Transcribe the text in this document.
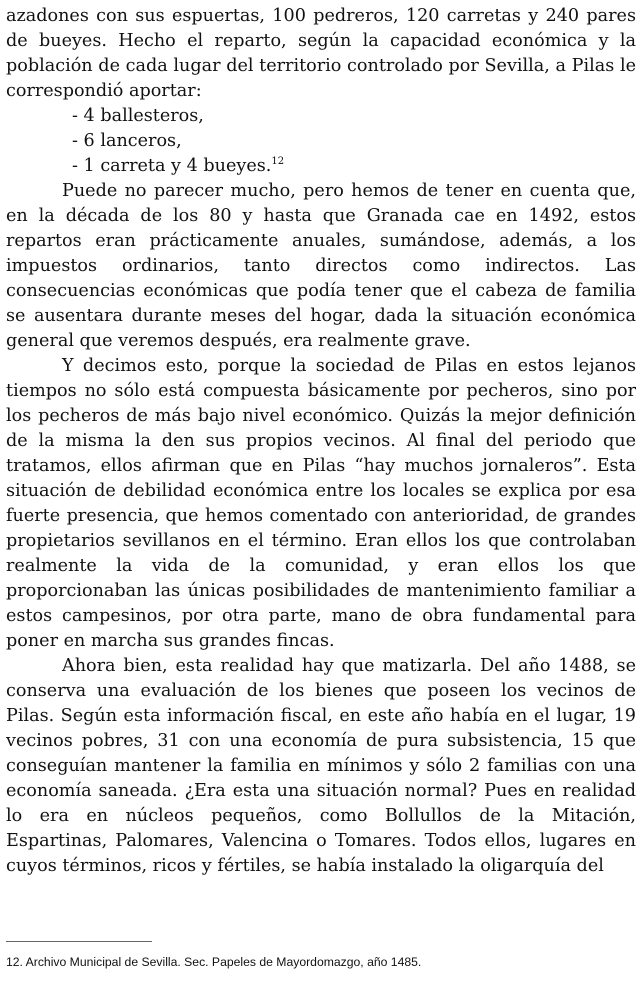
azadones con sus espuertas, 100 pedreros, 120 carretas y 240 pares de bueyes. Hecho el reparto, según la capacidad económica y la población de cada lugar del territorio controlado por Sevilla, a Pilas le correspondió aportar:

- 4 ballesteros,
- 6 lanceros,
- 1 carreta y 4 bueyes.$^{12}$

Puede no parecer mucho, pero hemos de tener en cuenta que, en la década de los 80 y hasta que Granada cae en 1492, estos repartos eran prácticamente anuales, sumándose, además, a los impuestos ordinarios, tanto directos como indirectos. Las consecuencias económicas que podía tener que el cabeza de familia se ausentara durante meses del hogar, dada la situación económica general que veremos después, era realmente grave.

Y decimos esto, porque la sociedad de Pilas en estos lejanos tiempos no sólo está compuesta básicamente por pecheros, sino por los pecheros de más bajo nivel económico. Quizás la mejor definición de la misma la den sus propios vecinos. Al final del periodo que tratamos, ellos afirman que en Pilas “hay muchos jornaleros”. Esta situación de debilidad económica entre los locales se explica por esa fuerte presencia, que hemos comentado con anterioridad, de grandes propietarios sevillanos en el término. Eran ellos los que controlaban realmente la vida de la comunidad, y eran ellos los que proporcionaban las únicas posibilidades de mantenimiento familiar a estos campesinos, por otra parte, mano de obra fundamental para poner en marcha sus grandes fincas.

Ahora bien, esta realidad hay que matizarla. Del año 1488, se conserva una evaluación de los bienes que poseen los vecinos de Pilas. Según esta información fiscal, en este año había en el lugar, 19 vecinos pobres, 31 con una economía de pura subsistencia, 15 que conseguían mantener la familia en mínimos y sólo 2 familias con una economía saneada. ¿Era esta una situación normal? Pues en realidad lo era en núcleos pequeños, como Bollullos de la Mitación, Espartinas, Palomares, Valencina o Tomares. Todos ellos, lugares en cuyos términos, ricos y fértiles, se había instalado la oligarquía del

12. Archivo Municipal de Sevilla. Sec. Papeles de Mayordomazgo, año 1485.
